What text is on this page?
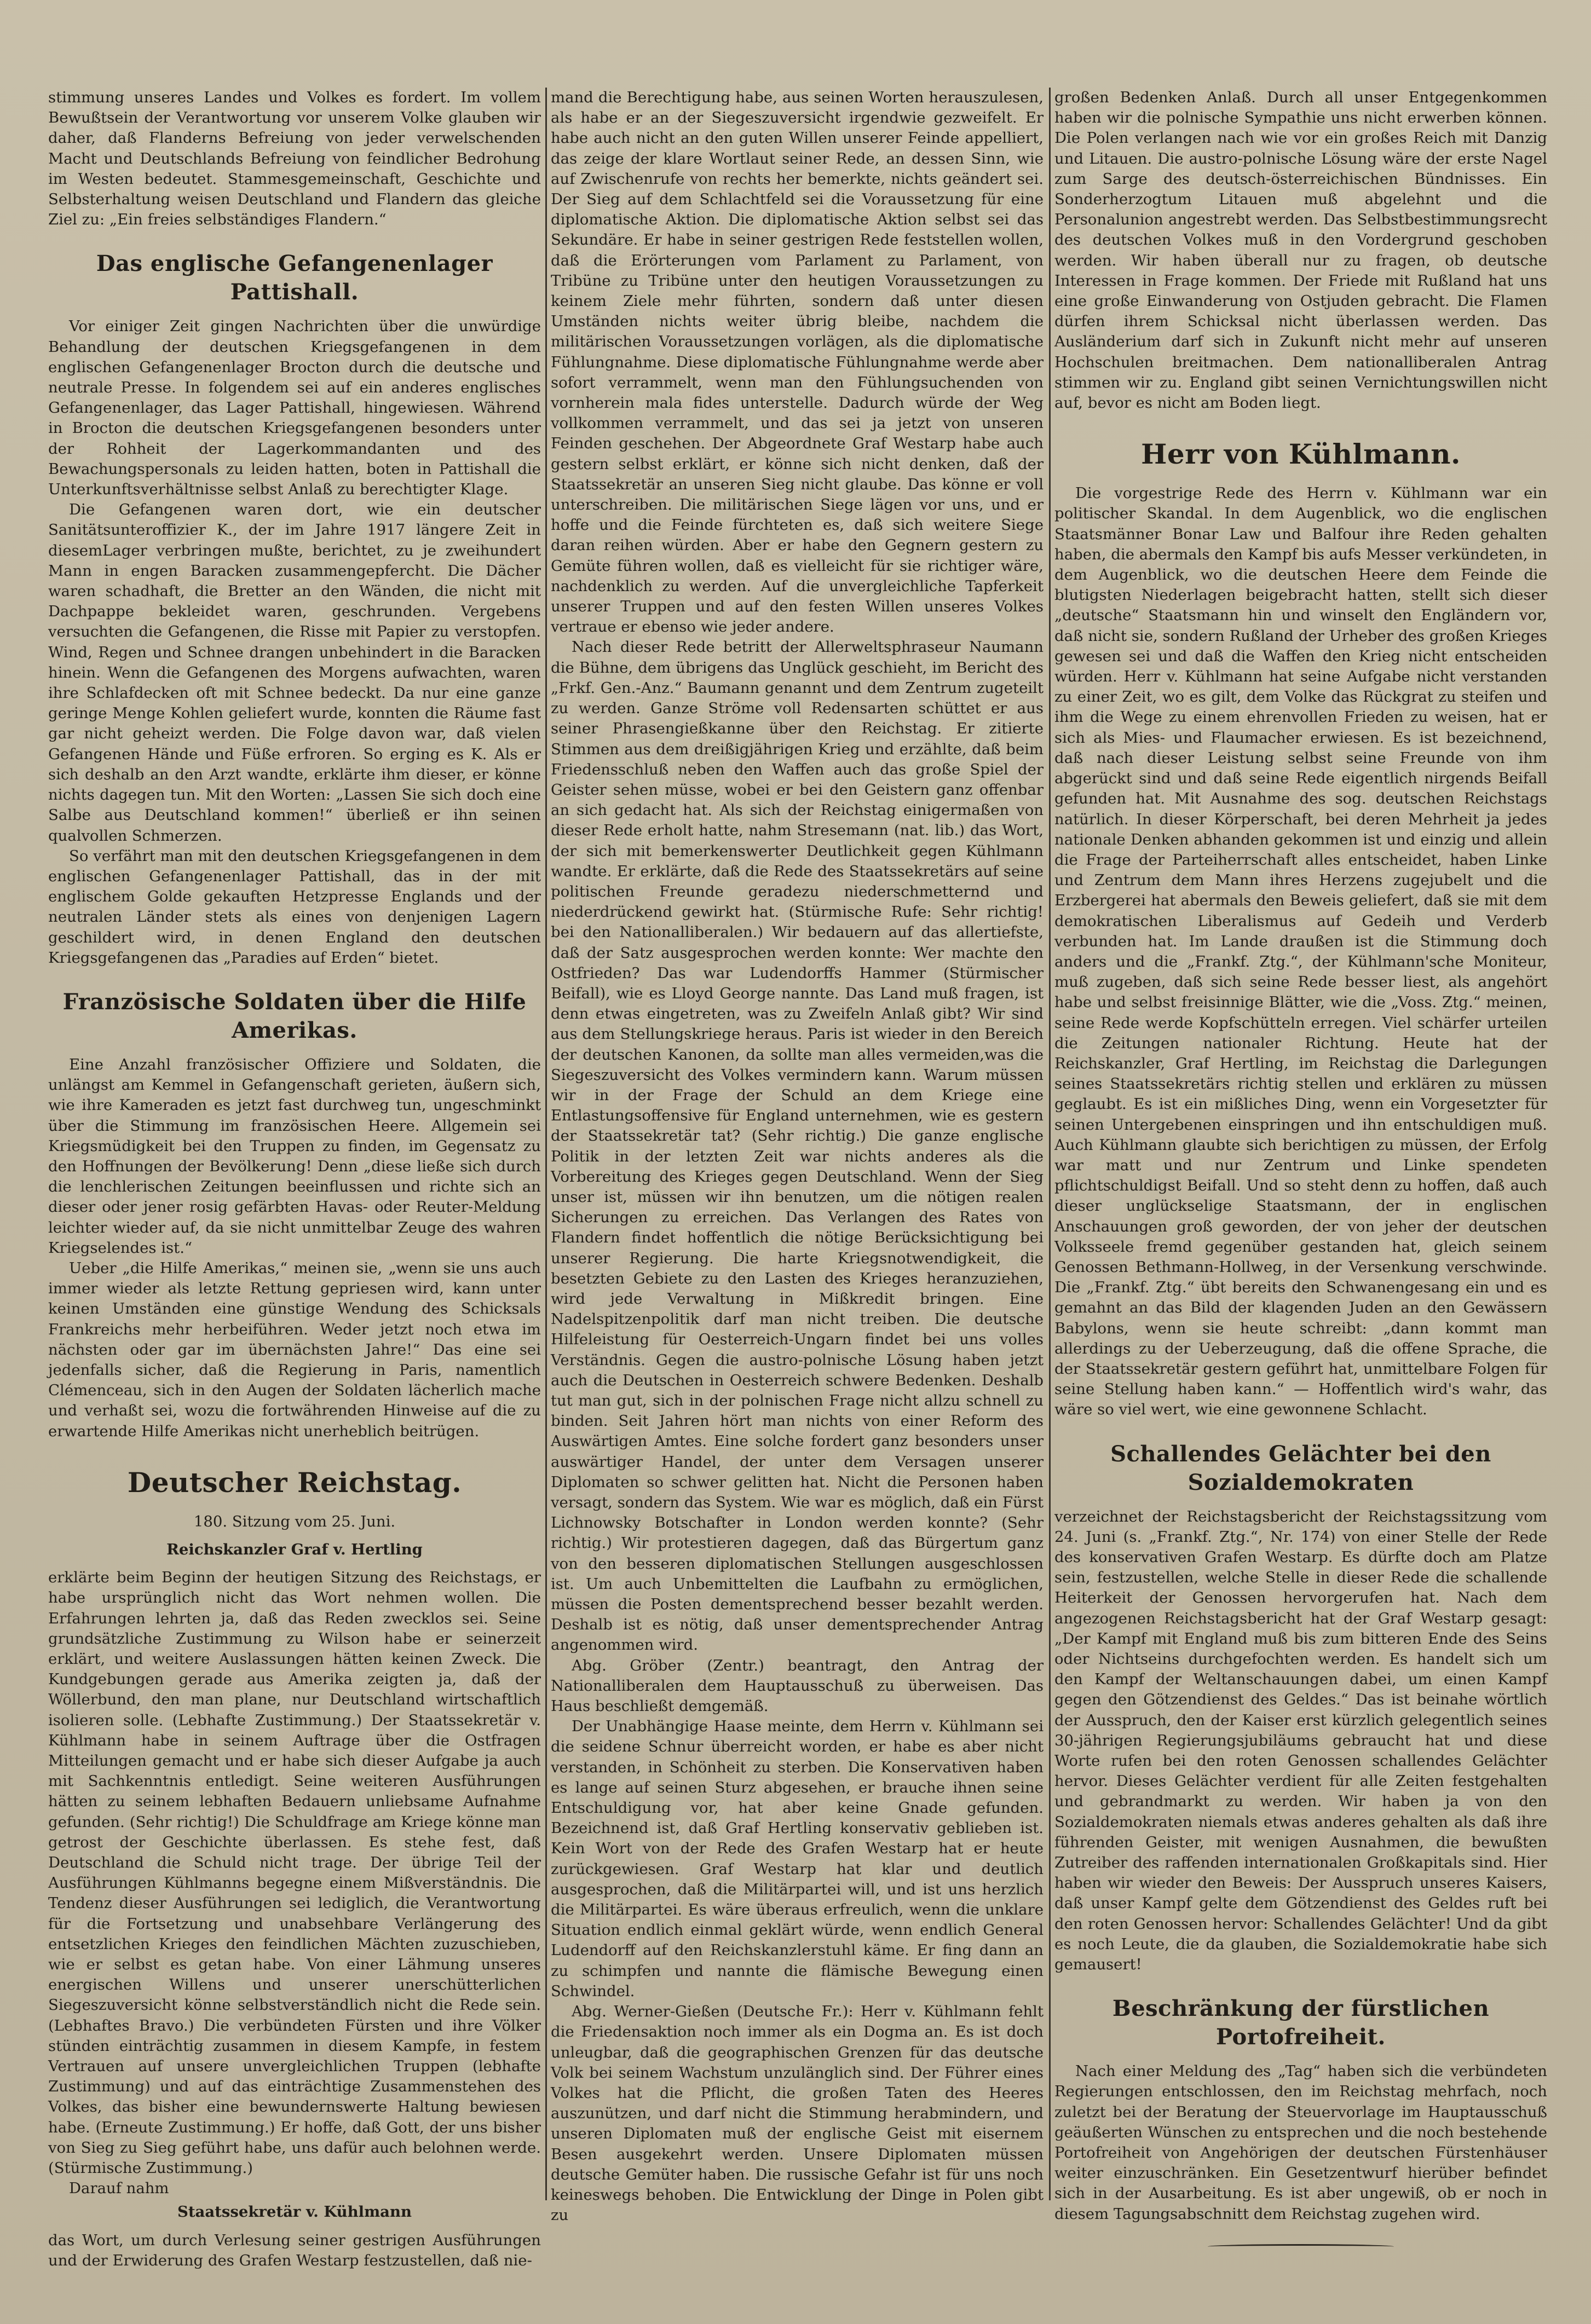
stimmung unseres Landes und Volkes es fordert. Im vollem Bewußtsein der Verantwortung vor unserem Volke glauben wir daher, daß Flanderns Befreiung von jeder verwelschenden Macht und Deutschlands Befreiung von feindlicher Bedrohung im Westen bedeutet. Stammesgemeinschaft, Geschichte und Selbsterhaltung weisen Deutschland und Flandern das gleiche Ziel zu: „Ein freies selbständiges Flandern.“

Das englische Gefangenenlager Pattishall.

Vor einiger Zeit gingen Nachrichten über die unwürdige Behandlung der deutschen Kriegsgefangenen in dem englischen Gefangenenlager Brocton durch die deutsche und neutrale Presse. In folgendem sei auf ein anderes englisches Gefangenenlager, das Lager Pattishall, hingewiesen. Während in Brocton die deutschen Kriegsgefangenen besonders unter der Rohheit der Lagerkommandanten und des Bewachungspersonals zu leiden hatten, boten in Pattishall die Unterkunftsverhältnisse selbst Anlaß zu berechtigter Klage.

Die Gefangenen waren dort, wie ein deutscher Sanitätsunteroffizier K., der im Jahre 1917 längere Zeit in diesemLager verbringen mußte, berichtet, zu je zweihundert Mann in engen Baracken zusammengepfercht. Die Dächer waren schadhaft, die Bretter an den Wänden, die nicht mit Dachpappe bekleidet waren, geschrunden. Vergebens versuchten die Gefangenen, die Risse mit Papier zu verstopfen. Wind, Regen und Schnee drangen unbehindert in die Baracken hinein. Wenn die Gefangenen des Morgens aufwachten, waren ihre Schlafdecken oft mit Schnee bedeckt. Da nur eine ganze geringe Menge Kohlen geliefert wurde, konnten die Räume fast gar nicht geheizt werden. Die Folge davon war, daß vielen Gefangenen Hände und Füße erfroren. So erging es K. Als er sich deshalb an den Arzt wandte, erklärte ihm dieser, er könne nichts dagegen tun. Mit den Worten: „Lassen Sie sich doch eine Salbe aus Deutschland kommen!“ überließ er ihn seinen qualvollen Schmerzen.

So verfährt man mit den deutschen Kriegsgefangenen in dem englischen Gefangenenlager Pattishall, das in der mit englischem Golde gekauften Hetzpresse Englands und der neutralen Länder stets als eines von denjenigen Lagern geschildert wird, in denen England den deutschen Kriegsgefangenen das „Paradies auf Erden“ bietet.

Französische Soldaten über die Hilfe Amerikas.

Eine Anzahl französischer Offiziere und Soldaten, die unlängst am Kemmel in Gefangenschaft gerieten, äußern sich, wie ihre Kameraden es jetzt fast durchweg tun, ungeschminkt über die Stimmung im französischen Heere. Allgemein sei Kriegsmüdigkeit bei den Truppen zu finden, im Gegensatz zu den Hoffnungen der Bevölkerung! Denn „diese ließe sich durch die lenchlerischen Zeitungen beeinflussen und richte sich an dieser oder jener rosig gefärbten Havas- oder Reuter-Meldung leichter wieder auf, da sie nicht unmittelbar Zeuge des wahren Kriegselendes ist.“

Ueber „die Hilfe Amerikas,“ meinen sie, „wenn sie uns auch immer wieder als letzte Rettung gepriesen wird, kann unter keinen Umständen eine günstige Wendung des Schicksals Frankreichs mehr herbeiführen. Weder jetzt noch etwa im nächsten oder gar im übernächsten Jahre!“ Das eine sei jedenfalls sicher, daß die Regierung in Paris, namentlich Clémenceau, sich in den Augen der Soldaten lächerlich mache und verhaßt sei, wozu die fortwährenden Hinweise auf die zu erwartende Hilfe Amerikas nicht unerheblich beitrügen.

Deutscher Reichstag.

180. Sitzung vom 25. Juni.

Reichskanzler Graf v. Hertling

erklärte beim Beginn der heutigen Sitzung des Reichstags, er habe ursprünglich nicht das Wort nehmen wollen. Die Erfahrungen lehrten ja, daß das Reden zwecklos sei. Seine grundsätzliche Zustimmung zu Wilson habe er seinerzeit erklärt, und weitere Auslassungen hätten keinen Zweck. Die Kundgebungen gerade aus Amerika zeigten ja, daß der Wöllerbund, den man plane, nur Deutschland wirtschaftlich isolieren solle. (Lebhafte Zustimmung.) Der Staatssekretär v. Kühlmann habe in seinem Auftrage über die Ostfragen Mitteilungen gemacht und er habe sich dieser Aufgabe ja auch mit Sachkenntnis entledigt. Seine weiteren Ausführungen hätten zu seinem lebhaften Bedauern unliebsame Aufnahme gefunden. (Sehr richtig!) Die Schuldfrage am Kriege könne man getrost der Geschichte überlassen. Es stehe fest, daß Deutschland die Schuld nicht trage. Der übrige Teil der Ausführungen Kühlmanns begegne einem Mißverständnis. Die Tendenz dieser Ausführungen sei lediglich, die Verantwortung für die Fortsetzung und unabsehbare Verlängerung des entsetzlichen Krieges den feindlichen Mächten zuzuschieben, wie er selbst es getan habe. Von einer Lähmung unseres energischen Willens und unserer unerschütterlichen Siegeszuversicht könne selbstverständlich nicht die Rede sein. (Lebhaftes Bravo.) Die verbündeten Fürsten und ihre Völker stünden einträchtig zusammen in diesem Kampfe, in festem Vertrauen auf unsere unvergleichlichen Truppen (lebhafte Zustimmung) und auf das einträchtige Zusammenstehen des Volkes, das bisher eine bewundernswerte Haltung bewiesen habe. (Erneute Zustimmung.) Er hoffe, daß Gott, der uns bisher von Sieg zu Sieg geführt habe, uns dafür auch belohnen werde. (Stürmische Zustimmung.)

Darauf nahm

Staatssekretär v. Kühlmann

das Wort, um durch Verlesung seiner gestrigen Ausführungen und der Erwiderung des Grafen Westarp festzustellen, daß nie-

mand die Berechtigung habe, aus seinen Worten herauszulesen, als habe er an der Siegeszuversicht irgendwie gezweifelt. Er habe auch nicht an den guten Willen unserer Feinde appelliert, das zeige der klare Wortlaut seiner Rede, an dessen Sinn, wie auf Zwischenrufe von rechts her bemerkte, nichts geändert sei. Der Sieg auf dem Schlachtfeld sei die Voraussetzung für eine diplomatische Aktion. Die diplomatische Aktion selbst sei das Sekundäre. Er habe in seiner gestrigen Rede feststellen wollen, daß die Erörterungen vom Parlament zu Parlament, von Tribüne zu Tribüne unter den heutigen Voraussetzungen zu keinem Ziele mehr führten, sondern daß unter diesen Umständen nichts weiter übrig bleibe, nachdem die militärischen Voraussetzungen vorlägen, als die diplomatische Fühlungnahme. Diese diplomatische Fühlungnahme werde aber sofort verrammelt, wenn man den Fühlungsuchenden von vornherein mala fides unterstelle. Dadurch würde der Weg vollkommen verrammelt, und das sei ja jetzt von unseren Feinden geschehen. Der Abgeordnete Graf Westarp habe auch gestern selbst erklärt, er könne sich nicht denken, daß der Staatssekretär an unseren Sieg nicht glaube. Das könne er voll unterschreiben. Die militärischen Siege lägen vor uns, und er hoffe und die Feinde fürchteten es, daß sich weitere Siege daran reihen würden. Aber er habe den Gegnern gestern zu Gemüte führen wollen, daß es vielleicht für sie richtiger wäre, nachdenklich zu werden. Auf die unvergleichliche Tapferkeit unserer Truppen und auf den festen Willen unseres Volkes vertraue er ebenso wie jeder andere.

Nach dieser Rede betritt der Allerweltsphraseur Naumann die Bühne, dem übrigens das Unglück geschieht, im Bericht des „Frkf. Gen.-Anz.“ Baumann genannt und dem Zentrum zugeteilt zu werden. Ganze Ströme voll Redensarten schüttet er aus seiner Phrasengießkanne über den Reichstag. Er zitierte Stimmen aus dem dreißigjährigen Krieg und erzählte, daß beim Friedensschluß neben den Waffen auch das große Spiel der Geister sehen müsse, wobei er bei den Geistern ganz offenbar an sich gedacht hat. Als sich der Reichstag einigermaßen von dieser Rede erholt hatte, nahm Stresemann (nat. lib.) das Wort, der sich mit bemerkenswerter Deutlichkeit gegen Kühlmann wandte. Er erklärte, daß die Rede des Staatssekretärs auf seine politischen Freunde geradezu niederschmetternd und niederdrückend gewirkt hat. (Stürmische Rufe: Sehr richtig! bei den Nationalliberalen.) Wir bedauern auf das allertiefste, daß der Satz ausgesprochen werden konnte: Wer machte den Ostfrieden? Das war Ludendorffs Hammer (Stürmischer Beifall), wie es Lloyd George nannte. Das Land muß fragen, ist denn etwas eingetreten, was zu Zweifeln Anlaß gibt? Wir sind aus dem Stellungskriege heraus. Paris ist wieder in den Bereich der deutschen Kanonen, da sollte man alles vermeiden,was die Siegeszuversicht des Volkes vermindern kann. Warum müssen wir in der Frage der Schuld an dem Kriege eine Entlastungsoffensive für England unternehmen, wie es gestern der Staatssekretär tat? (Sehr richtig.) Die ganze englische Politik in der letzten Zeit war nichts anderes als die Vorbereitung des Krieges gegen Deutschland. Wenn der Sieg unser ist, müssen wir ihn benutzen, um die nötigen realen Sicherungen zu erreichen. Das Verlangen des Rates von Flandern findet hoffentlich die nötige Berücksichtigung bei unserer Regierung. Die harte Kriegsnotwendigkeit, die besetzten Gebiete zu den Lasten des Krieges heranzuziehen, wird jede Verwaltung in Mißkredit bringen. Eine Nadelspitzenpolitik darf man nicht treiben. Die deutsche Hilfeleistung für Oesterreich-Ungarn findet bei uns volles Verständnis. Gegen die austro-polnische Lösung haben jetzt auch die Deutschen in Oesterreich schwere Bedenken. Deshalb tut man gut, sich in der polnischen Frage nicht allzu schnell zu binden. Seit Jahren hört man nichts von einer Reform des Auswärtigen Amtes. Eine solche fordert ganz besonders unser auswärtiger Handel, der unter dem Versagen unserer Diplomaten so schwer gelitten hat. Nicht die Personen haben versagt, sondern das System. Wie war es möglich, daß ein Fürst Lichnowsky Botschafter in London werden konnte? (Sehr richtig.) Wir protestieren dagegen, daß das Bürgertum ganz von den besseren diplomatischen Stellungen ausgeschlossen ist. Um auch Unbemittelten die Laufbahn zu ermöglichen, müssen die Posten dementsprechend besser bezahlt werden. Deshalb ist es nötig, daß unser dementsprechender Antrag angenommen wird.

Abg. Gröber (Zentr.) beantragt, den Antrag der Nationalliberalen dem Hauptausschuß zu überweisen. Das Haus beschließt demgemäß.

Der Unabhängige Haase meinte, dem Herrn v. Kühlmann sei die seidene Schnur überreicht worden, er habe es aber nicht verstanden, in Schönheit zu sterben. Die Konservativen haben es lange auf seinen Sturz abgesehen, er brauche ihnen seine Entschuldigung vor, hat aber keine Gnade gefunden. Bezeichnend ist, daß Graf Hertling konservativ geblieben ist. Kein Wort von der Rede des Grafen Westarp hat er heute zurückgewiesen. Graf Westarp hat klar und deutlich ausgesprochen, daß die Militärpartei will, und ist uns herzlich die Militärpartei. Es wäre überaus erfreulich, wenn die unklare Situation endlich einmal geklärt würde, wenn endlich General Ludendorff auf den Reichskanzlerstuhl käme. Er fing dann an zu schimpfen und nannte die flämische Bewegung einen Schwindel.

Abg. Werner-Gießen (Deutsche Fr.): Herr v. Kühlmann fehlt die Friedensaktion noch immer als ein Dogma an. Es ist doch unleugbar, daß die geographischen Grenzen für das deutsche Volk bei seinem Wachstum unzulänglich sind. Der Führer eines Volkes hat die Pflicht, die großen Taten des Heeres auszunützen, und darf nicht die Stimmung herabmindern, und unseren Diplomaten muß der englische Geist mit eisernem Besen ausgekehrt werden. Unsere Diplomaten müssen deutsche Gemüter haben. Die russische Gefahr ist für uns noch keineswegs behoben. Die Entwicklung der Dinge in Polen gibt zu

großen Bedenken Anlaß. Durch all unser Entgegenkommen haben wir die polnische Sympathie uns nicht erwerben können. Die Polen verlangen nach wie vor ein großes Reich mit Danzig und Litauen. Die austro-polnische Lösung wäre der erste Nagel zum Sarge des deutsch-österreichischen Bündnisses. Ein Sonderherzogtum Litauen muß abgelehnt und die Personalunion angestrebt werden. Das Selbstbestimmungsrecht des deutschen Volkes muß in den Vordergrund geschoben werden. Wir haben überall nur zu fragen, ob deutsche Interessen in Frage kommen. Der Friede mit Rußland hat uns eine große Einwanderung von Ostjuden gebracht. Die Flamen dürfen ihrem Schicksal nicht überlassen werden. Das Ausländerium darf sich in Zukunft nicht mehr auf unseren Hochschulen breitmachen. Dem nationalliberalen Antrag stimmen wir zu. England gibt seinen Vernichtungswillen nicht auf, bevor es nicht am Boden liegt.

Herr von Kühlmann.

Die vorgestrige Rede des Herrn v. Kühlmann war ein politischer Skandal. In dem Augenblick, wo die englischen Staatsmänner Bonar Law und Balfour ihre Reden gehalten haben, die abermals den Kampf bis aufs Messer verkündeten, in dem Augenblick, wo die deutschen Heere dem Feinde die blutigsten Niederlagen beigebracht hatten, stellt sich dieser „deutsche“ Staatsmann hin und winselt den Engländern vor, daß nicht sie, sondern Rußland der Urheber des großen Krieges gewesen sei und daß die Waffen den Krieg nicht entscheiden würden. Herr v. Kühlmann hat seine Aufgabe nicht verstanden zu einer Zeit, wo es gilt, dem Volke das Rückgrat zu steifen und ihm die Wege zu einem ehrenvollen Frieden zu weisen, hat er sich als Mies- und Flaumacher erwiesen. Es ist bezeichnend, daß nach dieser Leistung selbst seine Freunde von ihm abgerückt sind und daß seine Rede eigentlich nirgends Beifall gefunden hat. Mit Ausnahme des sog. deutschen Reichstags natürlich. In dieser Körperschaft, bei deren Mehrheit ja jedes nationale Denken abhanden gekommen ist und einzig und allein die Frage der Parteiherrschaft alles entscheidet, haben Linke und Zentrum dem Mann ihres Herzens zugejubelt und die Erzbergerei hat abermals den Beweis geliefert, daß sie mit dem demokratischen Liberalismus auf Gedeih und Verderb verbunden hat. Im Lande draußen ist die Stimmung doch anders und die „Frankf. Ztg.“, der Kühlmann'sche Moniteur, muß zugeben, daß sich seine Rede besser liest, als angehört habe und selbst freisinnige Blätter, wie die „Voss. Ztg.“ meinen, seine Rede werde Kopfschütteln erregen. Viel schärfer urteilen die Zeitungen nationaler Richtung. Heute hat der Reichskanzler, Graf Hertling, im Reichstag die Darlegungen seines Staatssekretärs richtig stellen und erklären zu müssen geglaubt. Es ist ein mißliches Ding, wenn ein Vorgesetzter für seinen Untergebenen einspringen und ihn entschuldigen muß. Auch Kühlmann glaubte sich berichtigen zu müssen, der Erfolg war matt und nur Zentrum und Linke spendeten pflichtschuldigst Beifall. Und so steht denn zu hoffen, daß auch dieser unglückselige Staatsmann, der in englischen Anschauungen groß geworden, der von jeher der deutschen Volksseele fremd gegenüber gestanden hat, gleich seinem Genossen Bethmann-Hollweg, in der Versenkung verschwinde. Die „Frankf. Ztg.“ übt bereits den Schwanengesang ein und es gemahnt an das Bild der klagenden Juden an den Gewässern Babylons, wenn sie heute schreibt: „dann kommt man allerdings zu der Ueberzeugung, daß die offene Sprache, die der Staatssekretär gestern geführt hat, unmittelbare Folgen für seine Stellung haben kann.“ — Hoffentlich wird's wahr, das wäre so viel wert, wie eine gewonnene Schlacht.

Schallendes Gelächter bei den Sozialdemokraten

verzeichnet der Reichstagsbericht der Reichstagssitzung vom 24. Juni (s. „Frankf. Ztg.“, Nr. 174) von einer Stelle der Rede des konservativen Grafen Westarp. Es dürfte doch am Platze sein, festzustellen, welche Stelle in dieser Rede die schallende Heiterkeit der Genossen hervorgerufen hat. Nach dem angezogenen Reichstagsbericht hat der Graf Westarp gesagt: „Der Kampf mit England muß bis zum bitteren Ende des Seins oder Nichtseins durchgefochten werden. Es handelt sich um den Kampf der Weltanschauungen dabei, um einen Kampf gegen den Götzendienst des Geldes.“ Das ist beinahe wörtlich der Ausspruch, den der Kaiser erst kürzlich gelegentlich seines 30-jährigen Regierungsjubiläums gebraucht hat und diese Worte rufen bei den roten Genossen schallendes Gelächter hervor. Dieses Gelächter verdient für alle Zeiten festgehalten und gebrandmarkt zu werden. Wir haben ja von den Sozialdemokraten niemals etwas anderes gehalten als daß ihre führenden Geister, mit wenigen Ausnahmen, die bewußten Zutreiber des raffenden internationalen Großkapitals sind. Hier haben wir wieder den Beweis: Der Ausspruch unseres Kaisers, daß unser Kampf gelte dem Götzendienst des Geldes ruft bei den roten Genossen hervor: Schallendes Gelächter! Und da gibt es noch Leute, die da glauben, die Sozialdemokratie habe sich gemausert!

Beschränkung der fürstlichen Portofreiheit.

Nach einer Meldung des „Tag“ haben sich die verbündeten Regierungen entschlossen, den im Reichstag mehrfach, noch zuletzt bei der Beratung der Steuervorlage im Hauptausschuß geäußerten Wünschen zu entsprechen und die noch bestehende Portofreiheit von Angehörigen der deutschen Fürstenhäuser weiter einzuschränken. Ein Gesetzentwurf hierüber befindet sich in der Ausarbeitung. Es ist aber ungewiß, ob er noch in diesem Tagungsabschnitt dem Reichstag zugehen wird.
